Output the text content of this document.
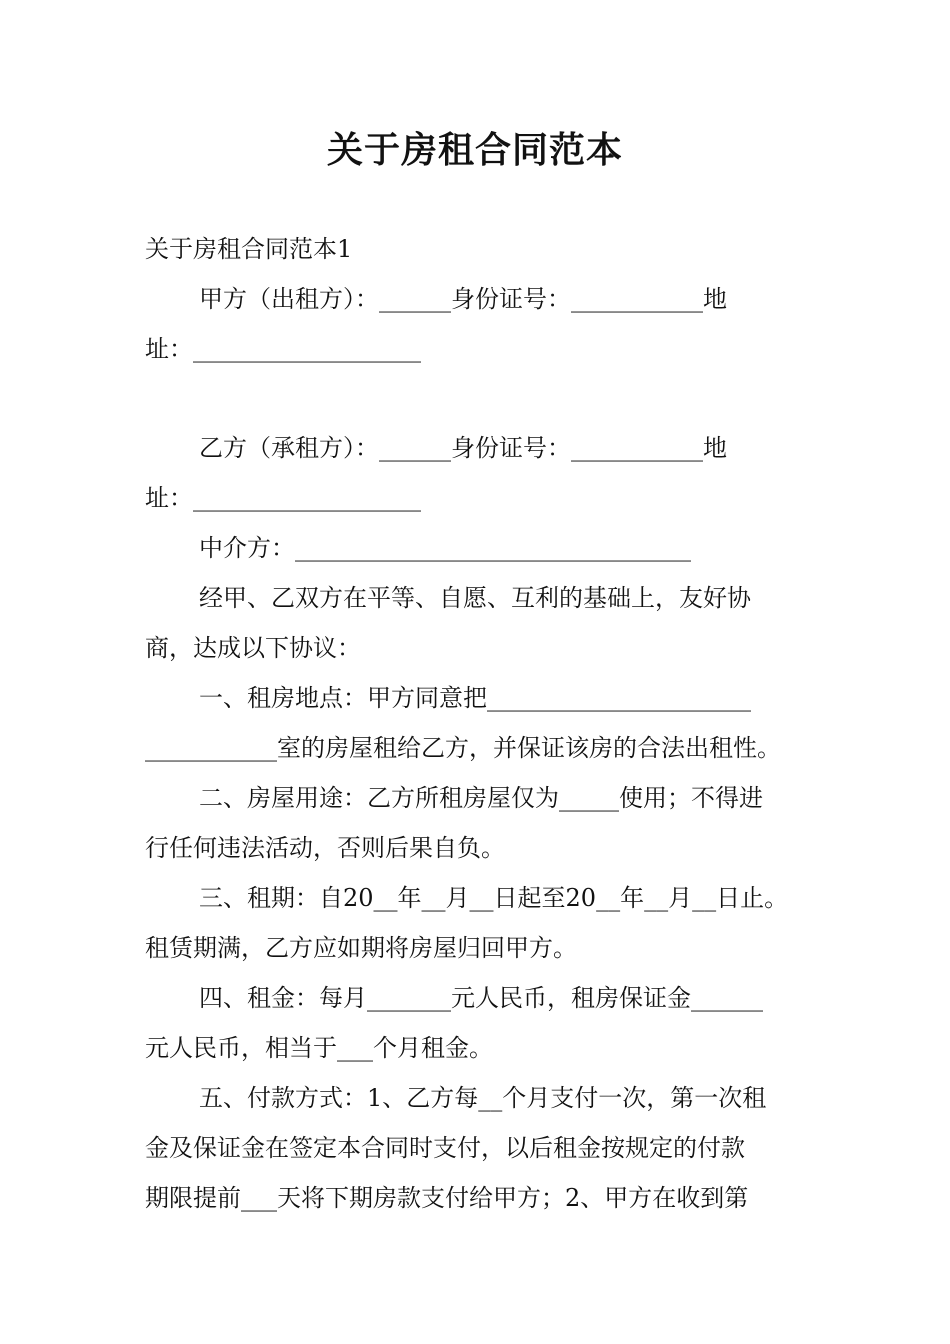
关于房租合同范本
关于房租合同范本1
甲方（出租方）：______身份证号：___________地
址：___________________
乙方（承租方）：______身份证号：___________地
址：___________________
中介方：_________________________________
经甲、乙双方在平等、自愿、互利的基础上，友好协
商，达成以下协议：
一、租房地点：甲方同意把______________________
___________室的房屋租给乙方，并保证该房的合法出租性。
二、房屋用途：乙方所租房屋仅为_____使用；不得进
行任何违法活动，否则后果自负。
三、租期：自20__年__月__日起至20__年__月__日止。
租赁期满，乙方应如期将房屋归回甲方。
四、租金：每月_______元人民币，租房保证金______
元人民币，相当于___个月租金。
五、付款方式：1、乙方每__个月支付一次，第一次租
金及保证金在签定本合同时支付，以后租金按规定的付款
期限提前___天将下期房款支付给甲方；2、甲方在收到第
